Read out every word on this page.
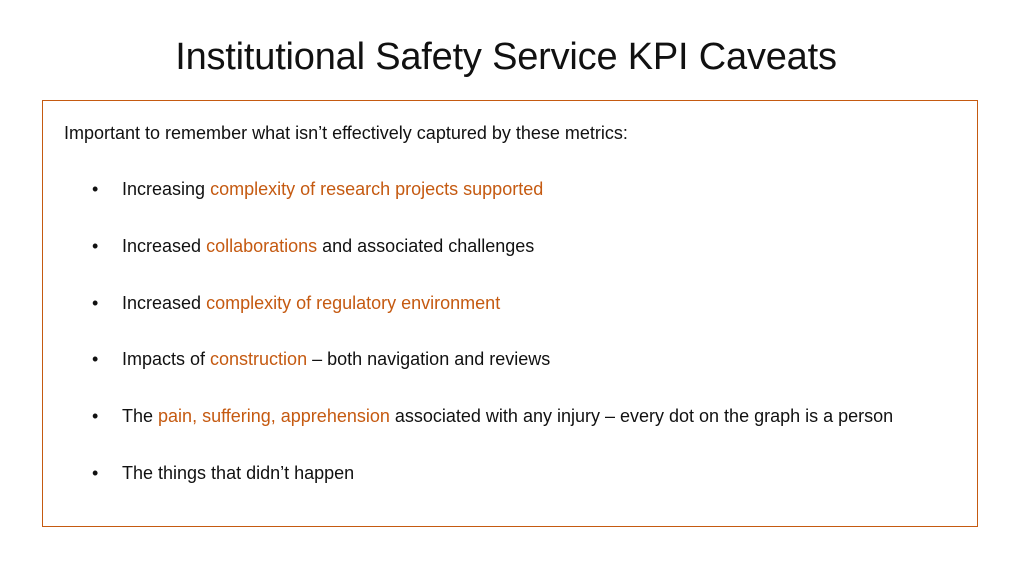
Institutional Safety Service KPI Caveats
Important to remember what isn’t effectively captured by these metrics:
• Increasing complexity of research projects supported
• Increased collaborations and associated challenges
• Increased complexity of regulatory environment
• Impacts of construction – both navigation and reviews
• The pain, suffering, apprehension associated with any injury – every dot on the graph is a person
• The things that didn’t happen
